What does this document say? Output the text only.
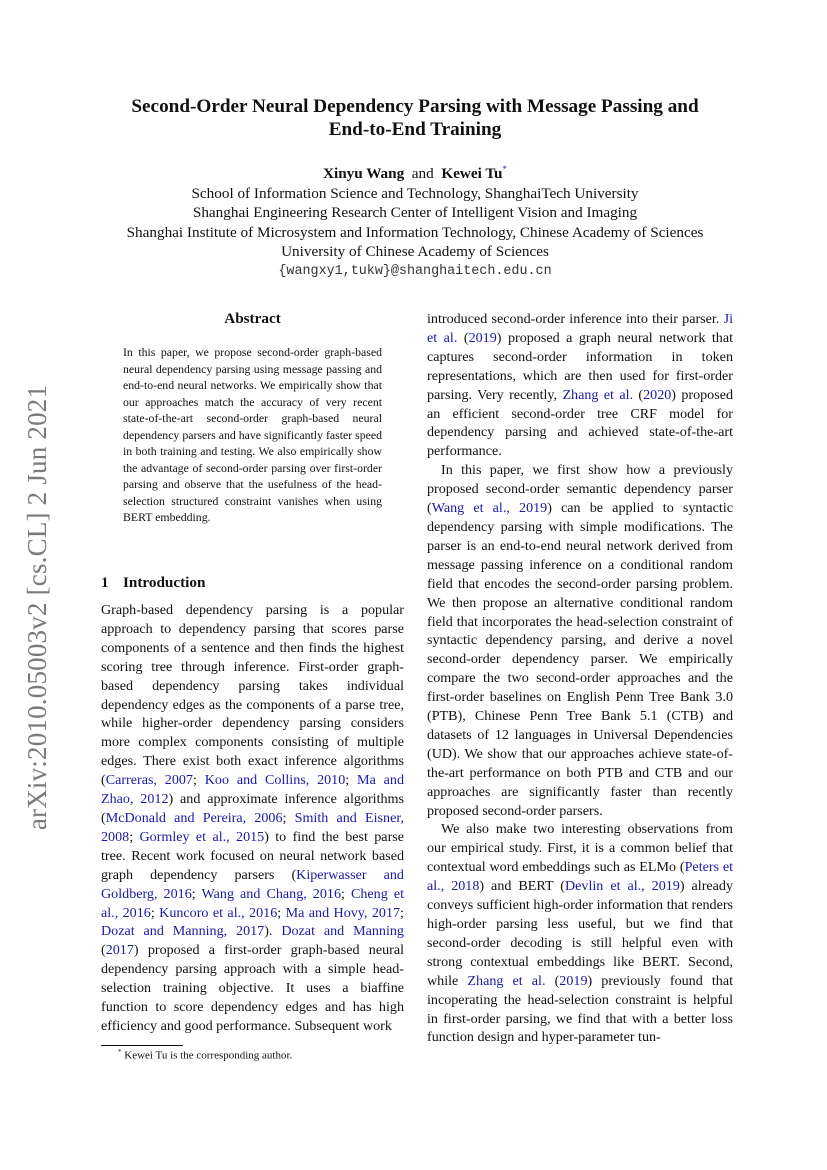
arXiv:2010.05003v2 [cs.CL] 2 Jun 2021
Second-Order Neural Dependency Parsing with Message Passing and
End-to-End Training
Xinyu Wang and Kewei Tu*
School of Information Science and Technology, ShanghaiTech University
Shanghai Engineering Research Center of Intelligent Vision and Imaging
Shanghai Institute of Microsystem and Information Technology, Chinese Academy of Sciences
University of Chinese Academy of Sciences
{wangxy1,tukw}@shanghaitech.edu.cn
Abstract
In this paper, we propose second-order graph-based neural dependency parsing using message passing and end-to-end neural networks. We empirically show that our approaches match the accuracy of very recent state-of-the-art second-order graph-based neural dependency parsers and have significantly faster speed in both training and testing. We also empirically show the advantage of second-order parsing over first-order parsing and observe that the usefulness of the head-selection structured constraint vanishes when using BERT embedding.
1 Introduction

Graph-based dependency parsing is a popular approach to dependency parsing that scores parse components of a sentence and then finds the highest scoring tree through inference. First-order graph-based dependency parsing takes individual dependency edges as the components of a parse tree, while higher-order dependency parsing considers more complex components consisting of multiple edges. There exist both exact inference algorithms (Carreras, 2007; Koo and Collins, 2010; Ma and Zhao, 2012) and approximate inference algorithms (McDonald and Pereira, 2006; Smith and Eisner, 2008; Gormley et al., 2015) to find the best parse tree. Recent work focused on neural network based graph dependency parsers (Kiperwasser and Goldberg, 2016; Wang and Chang, 2016; Cheng et al., 2016; Kuncoro et al., 2016; Ma and Hovy, 2017; Dozat and Manning, 2017). Dozat and Manning (2017) proposed a first-order graph-based neural dependency parsing approach with a simple head-selection training objective. It uses a biaffine function to score dependency edges and has high efficiency and good performance. Subsequent work

* Kewei Tu is the corresponding author.

introduced second-order inference into their parser. Ji et al. (2019) proposed a graph neural network that captures second-order information in token representations, which are then used for first-order parsing. Very recently, Zhang et al. (2020) proposed an efficient second-order tree CRF model for dependency parsing and achieved state-of-the-art performance.

In this paper, we first show how a previously proposed second-order semantic dependency parser (Wang et al., 2019) can be applied to syntactic dependency parsing with simple modifications. The parser is an end-to-end neural network derived from message passing inference on a conditional random field that encodes the second-order parsing problem. We then propose an alternative conditional random field that incorporates the head-selection constraint of syntactic dependency parsing, and derive a novel second-order dependency parser. We empirically compare the two second-order approaches and the first-order baselines on English Penn Tree Bank 3.0 (PTB), Chinese Penn Tree Bank 5.1 (CTB) and datasets of 12 languages in Universal Dependencies (UD). We show that our approaches achieve state-of-the-art performance on both PTB and CTB and our approaches are significantly faster than recently proposed second-order parsers.

We also make two interesting observations from our empirical study. First, it is a common belief that contextual word embeddings such as ELMo (Peters et al., 2018) and BERT (Devlin et al., 2019) already conveys sufficient high-order information that renders high-order parsing less useful, but we find that second-order decoding is still helpful even with strong contextual embeddings like BERT. Second, while Zhang et al. (2019) previously found that incoperating the head-selection constraint is helpful in first-order parsing, we find that with a better loss function design and hyper-parameter tun-
